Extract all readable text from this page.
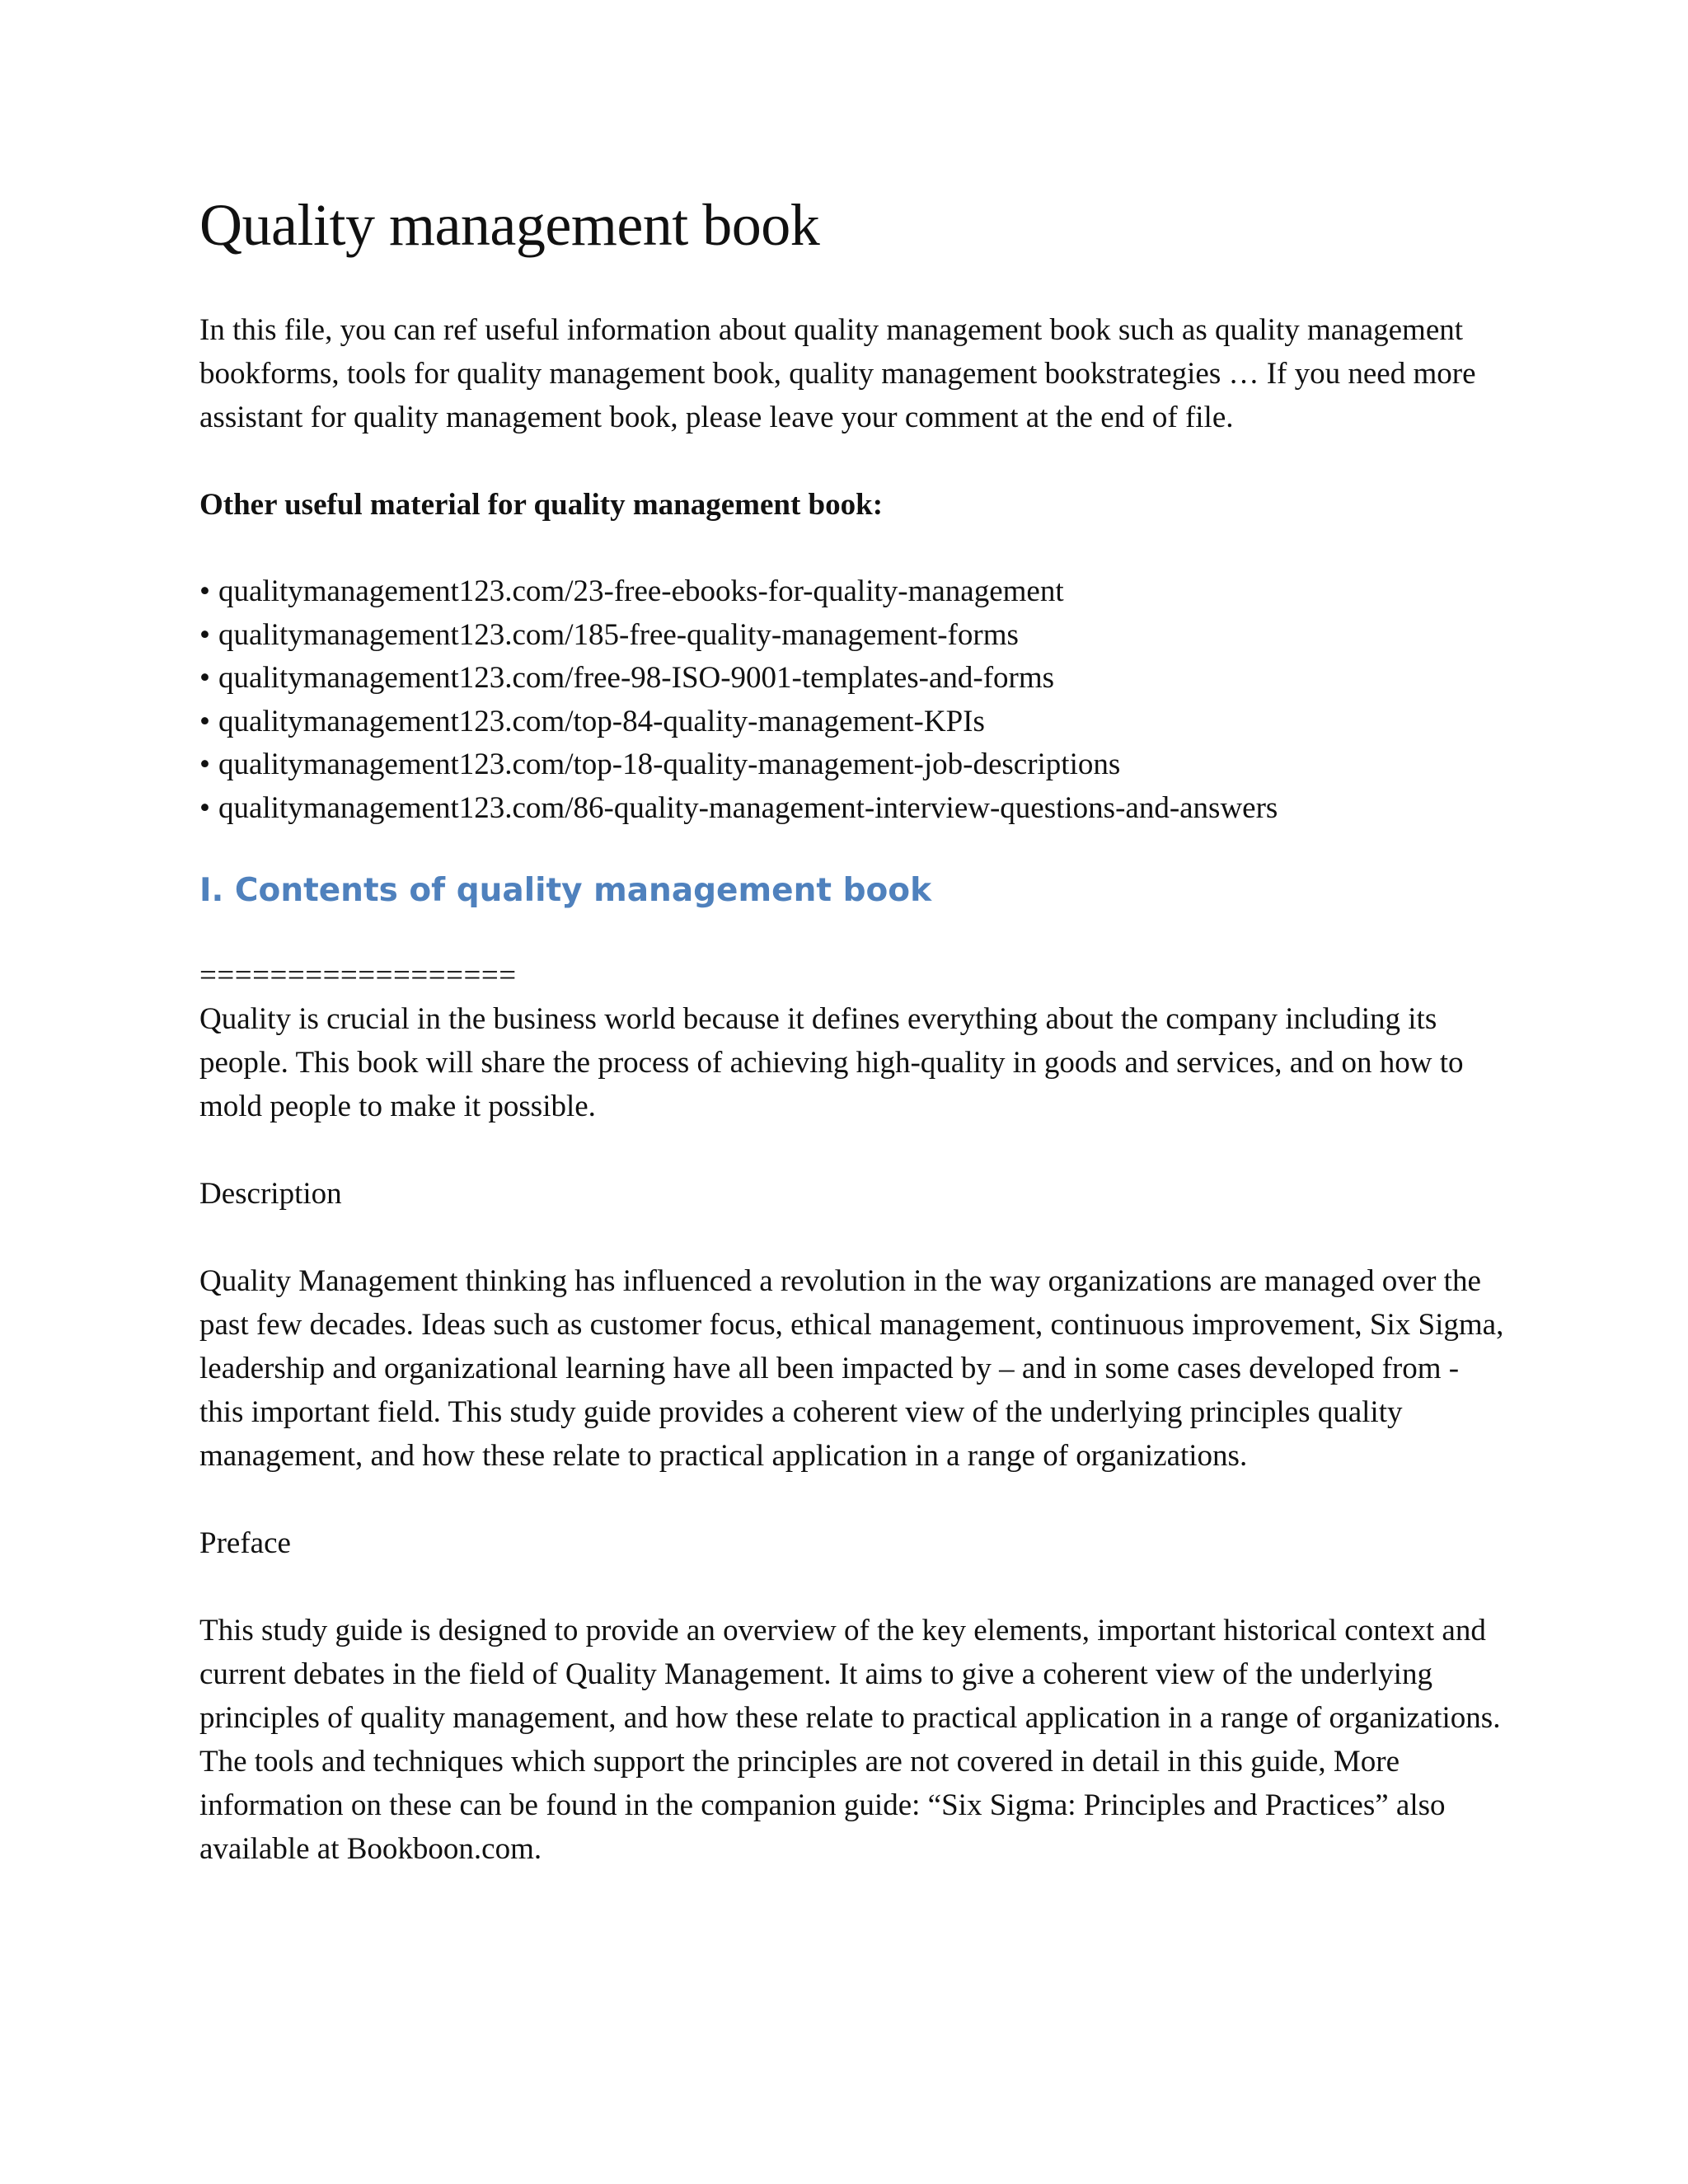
Quality management book

In this file, you can ref useful information about quality management book such as quality management bookforms, tools for quality management book, quality management bookstrategies … If you need more assistant for quality management book, please leave your comment at the end of file.

Other useful material for quality management book:

• qualitymanagement123.com/23-free-ebooks-for-quality-management
• qualitymanagement123.com/185-free-quality-management-forms
• qualitymanagement123.com/free-98-ISO-9001-templates-and-forms
• qualitymanagement123.com/top-84-quality-management-KPIs
• qualitymanagement123.com/top-18-quality-management-job-descriptions
• qualitymanagement123.com/86-quality-management-interview-questions-and-answers
I. Contents of quality management book

==================

Quality is crucial in the business world because it defines everything about the company including its people. This book will share the process of achieving high-quality in goods and services, and on how to mold people to make it possible.

Description

Quality Management thinking has influenced a revolution in the way organizations are managed over the past few decades. Ideas such as customer focus, ethical management, continuous improvement, Six Sigma, leadership and organizational learning have all been impacted by – and in some cases developed from - this important field. This study guide provides a coherent view of the underlying principles quality management, and how these relate to practical application in a range of organizations.

Preface

This study guide is designed to provide an overview of the key elements, important historical context and current debates in the field of Quality Management. It aims to give a coherent view of the underlying principles of quality management, and how these relate to practical application in a range of organizations. The tools and techniques which support the principles are not covered in detail in this guide, More information on these can be found in the companion guide: “Six Sigma: Principles and Practices” also available at Bookboon.com.
